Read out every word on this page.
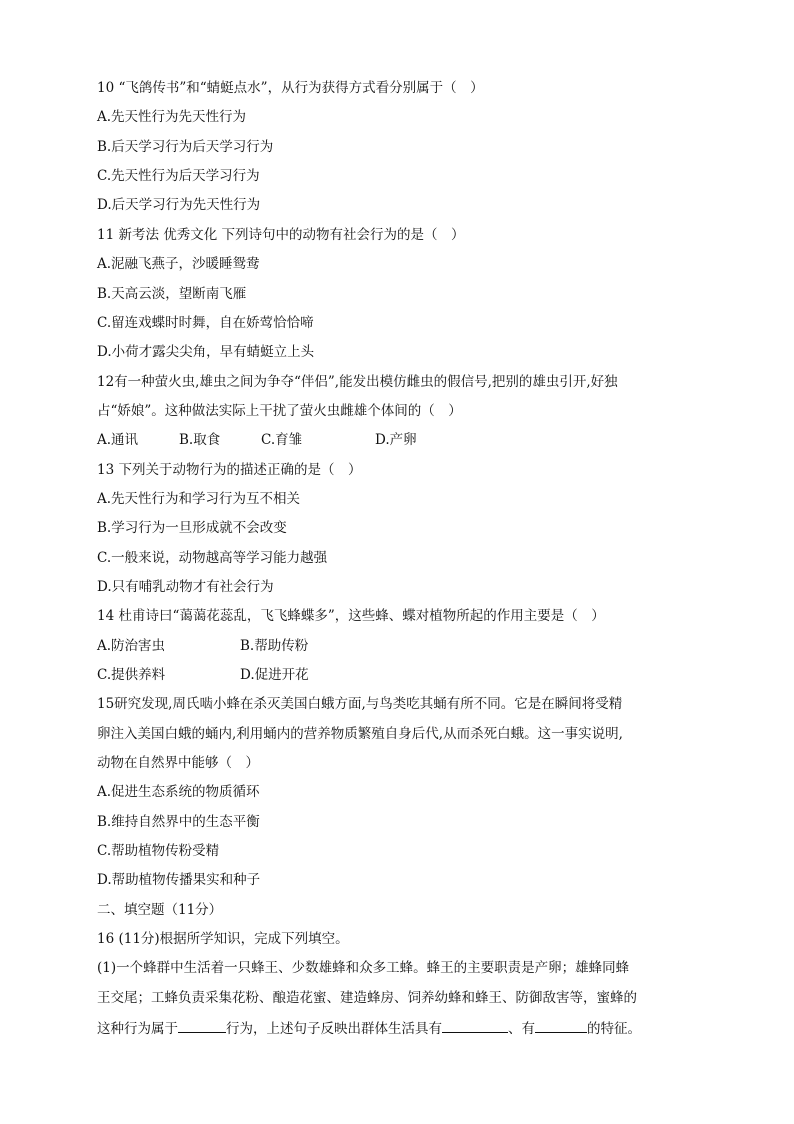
10 “飞鸽传书”和“蜻蜓点水”，从行为获得方式看分别属于（　）
A.先天性行为先天性行为
B.后天学习行为后天学习行为
C.先天性行为后天学习行为
D.后天学习行为先天性行为
11 新考法 优秀文化 下列诗句中的动物有社会行为的是（　）
A.泥融飞燕子，沙暖睡鸳鸯
B.天高云淡，望断南飞雁
C.留连戏蝶时时舞，自在娇莺恰恰啼
D.小荷才露尖尖角，早有蜻蜓立上头
12有一种萤火虫,雄虫之间为争夺“伴侣”,能发出模仿雌虫的假信号,把别的雄虫引开,好独
占“娇娘”。这种做法实际上干扰了萤火虫雌雄个体间的（　）
A.通讯	B.取食	C.育雏	D.产卵
13 下列关于动物行为的描述正确的是（　）
A.先天性行为和学习行为互不相关
B.学习行为一旦形成就不会改变
C.一般来说，动物越高等学习能力越强
D.只有哺乳动物才有社会行为
14 杜甫诗曰“蔼蔼花蕊乱，飞飞蜂蝶多”，这些蜂、蝶对植物所起的作用主要是（　）
A.防治害虫	B.帮助传粉
C.提供养料	D.促进开花
15研究发现,周氏啮小蜂在杀灭美国白蛾方面,与鸟类吃其蛹有所不同。它是在瞬间将受精
卵注入美国白蛾的蛹内,利用蛹内的营养物质繁殖自身后代,从而杀死白蛾。这一事实说明,
动物在自然界中能够（　）
A.促进生态系统的物质循环
B.维持自然界中的生态平衡
C.帮助植物传粉受精
D.帮助植物传播果实和种子
二、填空题（11分）
16 (11分)根据所学知识，完成下列填空。
(1)一个蜂群中生活着一只蜂王、少数雄蜂和众多工蜂。蜂王的主要职责是产卵；雄蜂同蜂
王交尾；工蜂负责采集花粉、酿造花蜜、建造蜂房、饲养幼蜂和蜂王、防御敌害等，蜜蜂的
这种行为属于	行为，上述句子反映出群体生活具有	、有	的特征。
